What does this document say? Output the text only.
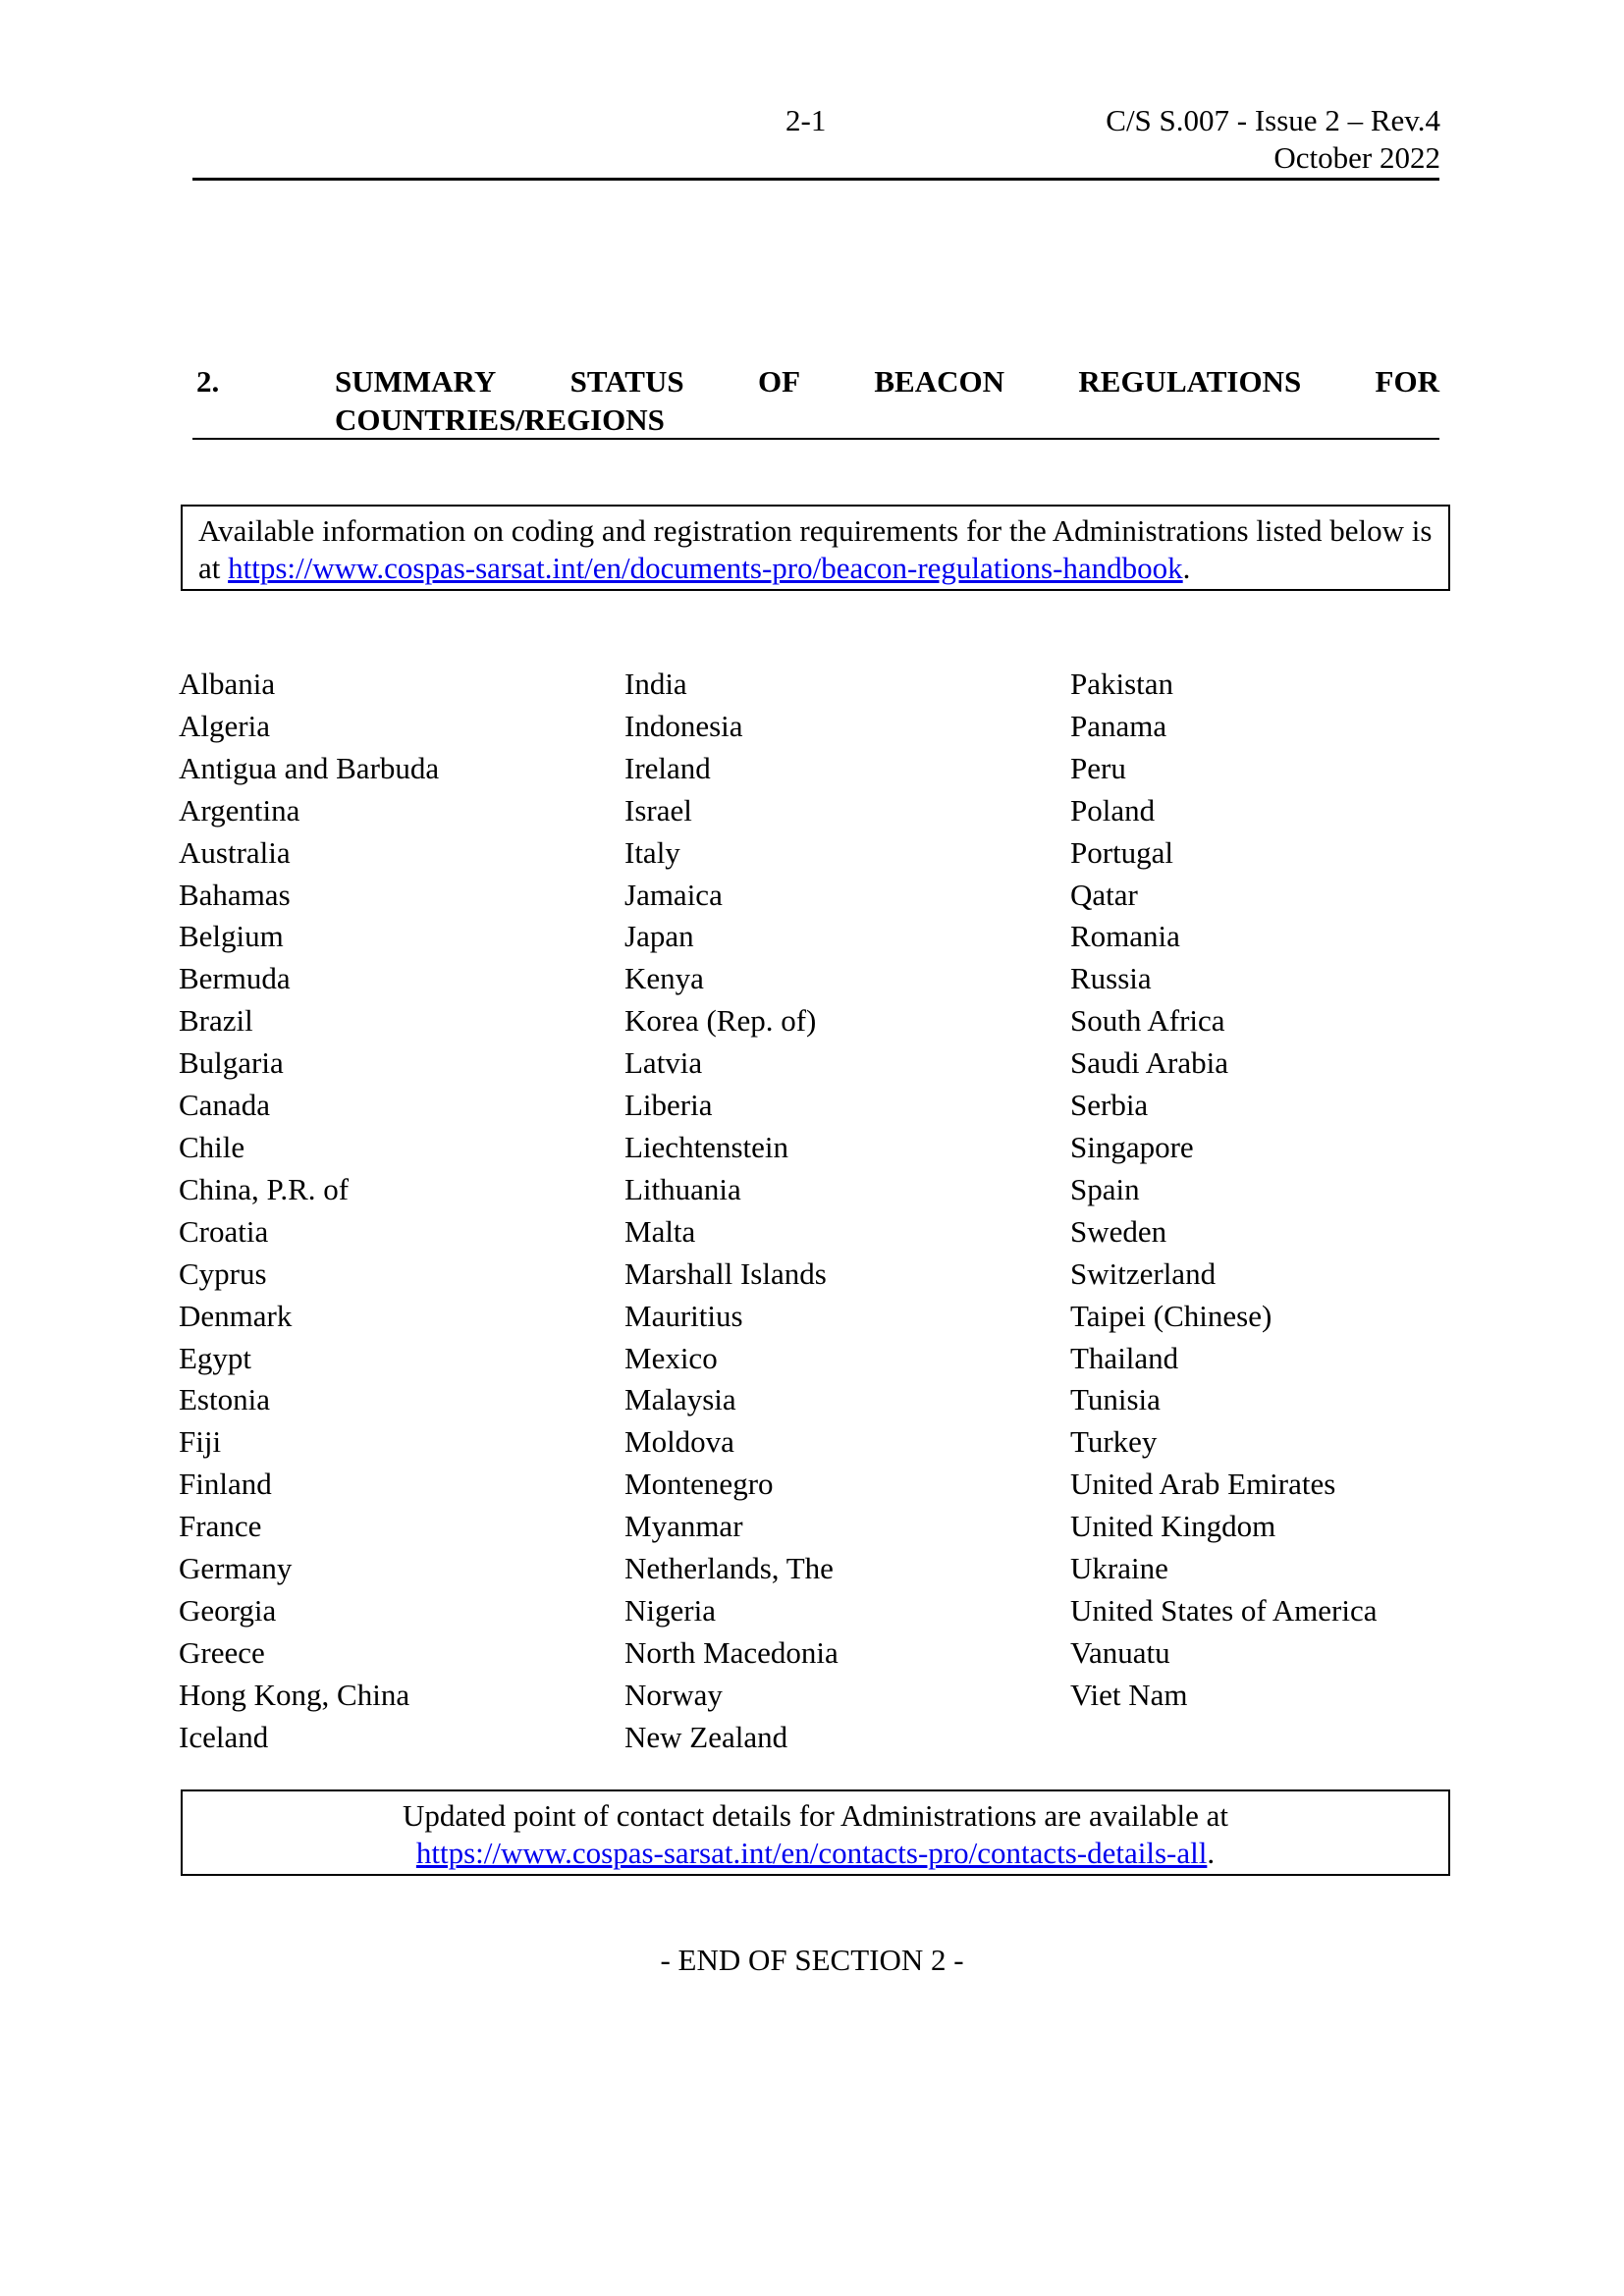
2-1	C/S S.007 - Issue 2 – Rev.4
October 2022
2.	SUMMARY STATUS OF BEACON REGULATIONS FOR
COUNTRIES/REGIONS
Available information on coding and registration requirements for the Administrations listed below is at https://www.cospas-sarsat.int/en/documents-pro/beacon-regulations-handbook.
Albania
Algeria
Antigua and Barbuda
Argentina
Australia
Bahamas
Belgium
Bermuda
Brazil
Bulgaria
Canada
Chile
China, P.R. of
Croatia
Cyprus
Denmark
Egypt
Estonia
Fiji
Finland
France
Germany
Georgia
Greece
Hong Kong, China
Iceland
India
Indonesia
Ireland
Israel
Italy
Jamaica
Japan
Kenya
Korea (Rep. of)
Latvia
Liberia
Liechtenstein
Lithuania
Malta
Marshall Islands
Mauritius
Mexico
Malaysia
Moldova
Montenegro
Myanmar
Netherlands, The
Nigeria
North Macedonia
Norway
New Zealand
Pakistan
Panama
Peru
Poland
Portugal
Qatar
Romania
Russia
South Africa
Saudi Arabia
Serbia
Singapore
Spain
Sweden
Switzerland
Taipei (Chinese)
Thailand
Tunisia
Turkey
United Arab Emirates
United Kingdom
Ukraine
United States of America
Vanuatu
Viet Nam
Updated point of contact details for Administrations are available at
https://www.cospas-sarsat.int/en/contacts-pro/contacts-details-all.
- END OF SECTION 2 -
